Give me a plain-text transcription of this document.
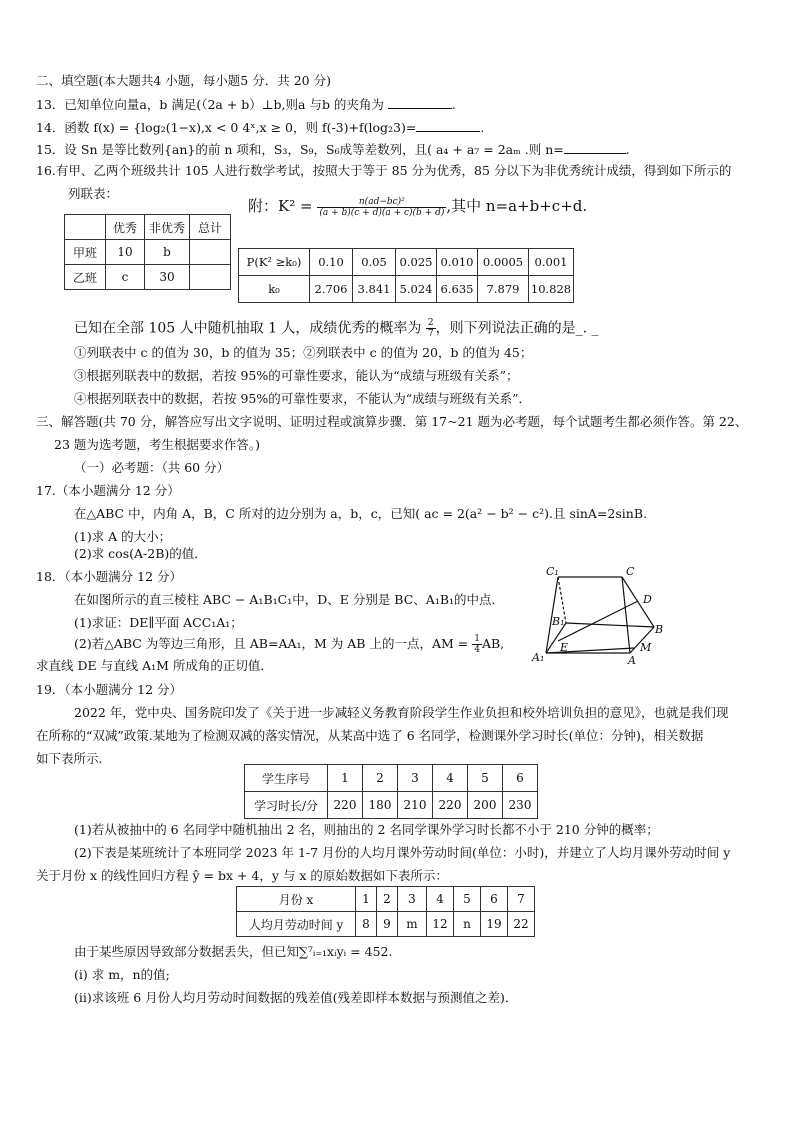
二、填空题(本大题共4 小题，每小题5 分．共 20 分)
13．已知单位向量a，b 满足(（2a + b）⊥b,则a 与b 的夹角为	.
14．函数 f(x) = {log₂(1−x),x < 0 4ˣ,x ≥ 0，则 f(-3)+f(log₂3)=	.
15．设 Sn 是等比数列{an}的前 n 项和，S₃，S₉，S₆成等差数列，且( a₄ + a₇ = 2aₘ .则 n=	.
16.有甲、乙两个班级共计 105 人进行数学考试，按照大于等于 85 分为优秀，85 分以下为非优秀统计成绩，得到如下所示的
列联表：
附：$K^2 = \frac{\text{n(ad−bc)²}}{(a + b)(c + d)(a + c)(b + d)}$ ,其中 n=a+b+c+d.
	优秀	非优秀	总计
甲班	10	b	
乙班	c	30	
P(K² ≥k₀)	0.10	0.05	0.025	0.010	0.0005	0.001
k₀	2.706	3.841	5.024	6.635	7.879	10.828
已知在全部 105 人中随机抽取 1 人，成绩优秀的概率为 $\frac{2}{7}$ ，则下列说法正确的是_. _
①列联表中 c 的值为 30，b 的值为 35；②列联表中 c 的值为 20，b 的值为 45；
③根据列联表中的数据，若按 95%的可靠性要求，能认为“成绩与班级有关系”；
④根据列联表中的数据，若按 95%的可靠性要求，不能认为“成绩与班级有关系”．
三、解答题(共 70 分，解答应写出文字说明、证明过程或演算步骤．第 17~21 题为必考题，每个试题考生都必须作答。第 22、
23 题为选考题，考生根据要求作答。)
（一）必考题：（共 60 分）
17.（本小题满分 12 分）
在△ABC 中，内角 A，B，C 所对的边分别为 a，b，c，已知( ac = 2(a² − b² − c²).且 sinA=2sinB.
(1)求 A 的大小；
(2)求 cos(A-2B)的值．
18．（本小题满分 12 分）
在如图所示的直三棱柱 ABC − A₁B₁C₁中，D、E 分别是 BC、A₁B₁的中点．
(1)求证：DE∥平面 ACC₁A₁；
(2)若△ABC 为等边三角形，且 AB=AA₁，M 为 AB 上的一点，AM = $\frac{1}{4}$ AB,
求直线 DE 与直线 A₁M 所成角的正切值．
C₁	C
D
B₁
B
A₁
E	M
A
19．（本小题满分 12 分）
2022 年，党中央、国务院印发了《关于进一步减轻义务教育阶段学生作业负担和校外培训负担的意见》，也就是我们现
在所称的“双减”政策.某地为了检测双减的落实情况，从某高中选了 6 名同学，检测课外学习时长(单位：分钟)，相关数据
如下表所示.
学生序号	1	2	3	4	5	6
学习时长/分	220	180	210	220	200	230
(1)若从被抽中的 6 名同学中随机抽出 2 名，则抽出的 2 名同学课外学习时长都不小于 210 分钟的概率；
(2)下表是某班统计了本班同学 2023 年 1-7 月份的人均月课外劳动时间(单位：小时)，并建立了人均月课外劳动时间 y
关于月份 x 的线性回归方程 ŷ = bx + 4，y 与 x 的原始数据如下表所示：
月份 x	1	2	3	4	5	6	7
人均月劳动时间 y	8	9	m	12	n	19	22
由于某些原因导致部分数据丢失，但已知∑⁷ᵢ₌₁xᵢyᵢ = 452.
(i) 求 m，n的值;
(ii)求该班 6 月份人均月劳动时间数据的残差值(残差即样本数据与预测值之差)．
